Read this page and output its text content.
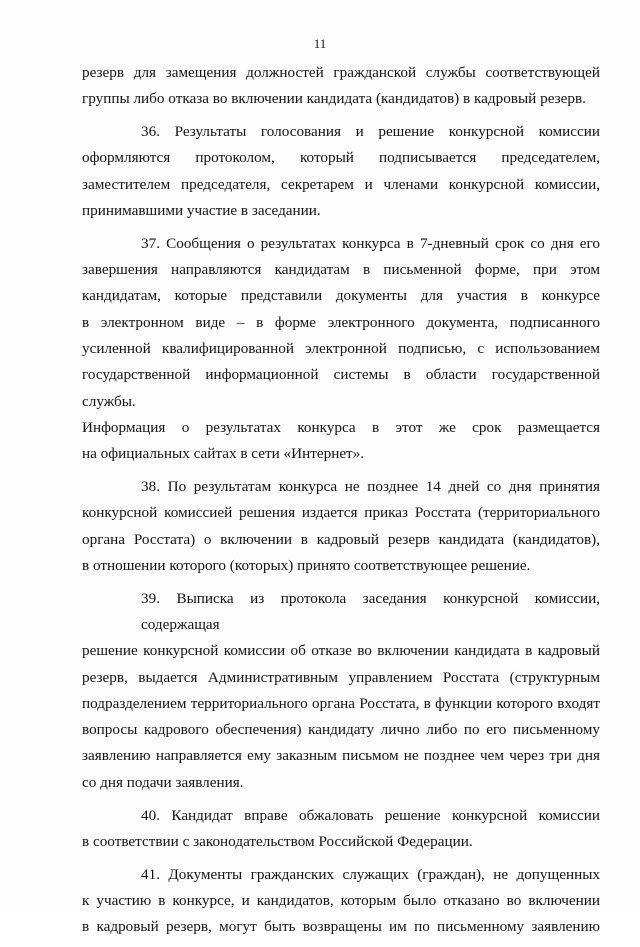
11

резерв для замещения должностей гражданской службы соответствующей
группы либо отказа во включении кандидата (кандидатов) в кадровый резерв.

36. Результаты голосования и решение конкурсной комиссии
оформляются протоколом, который подписывается председателем,
заместителем председателя, секретарем и членами конкурсной комиссии,
принимавшими участие в заседании.

37. Сообщения о результатах конкурса в 7-дневный срок со дня его
завершения направляются кандидатам в письменной форме, при этом
кандидатам, которые представили документы для участия в конкурсе
в электронном виде – в форме электронного документа, подписанного
усиленной квалифицированной электронной подписью, с использованием
государственной информационной системы в области государственной службы.
Информация о результатах конкурса в этот же срок размещается
на официальных сайтах в сети «Интернет».

38. По результатам конкурса не позднее 14 дней со дня принятия
конкурсной комиссией решения издается приказ Росстата (территориального
органа Росстата) о включении в кадровый резерв кандидата (кандидатов),
в отношении которого (которых) принято соответствующее решение.

39. Выписка из протокола заседания конкурсной комиссии, содержащая
решение конкурсной комиссии об отказе во включении кандидата в кадровый
резерв, выдается Административным управлением Росстата (структурным
подразделением территориального органа Росстата, в функции которого входят
вопросы кадрового обеспечения) кандидату лично либо по его письменному
заявлению направляется ему заказным письмом не позднее чем через три дня
со дня подачи заявления.

40. Кандидат вправе обжаловать решение конкурсной комиссии
в соответствии с законодательством Российской Федерации.

41. Документы гражданских служащих (граждан), не допущенных
к участию в конкурсе, и кандидатов, которым было отказано во включении
в кадровый резерв, могут быть возвращены им по письменному заявлению
